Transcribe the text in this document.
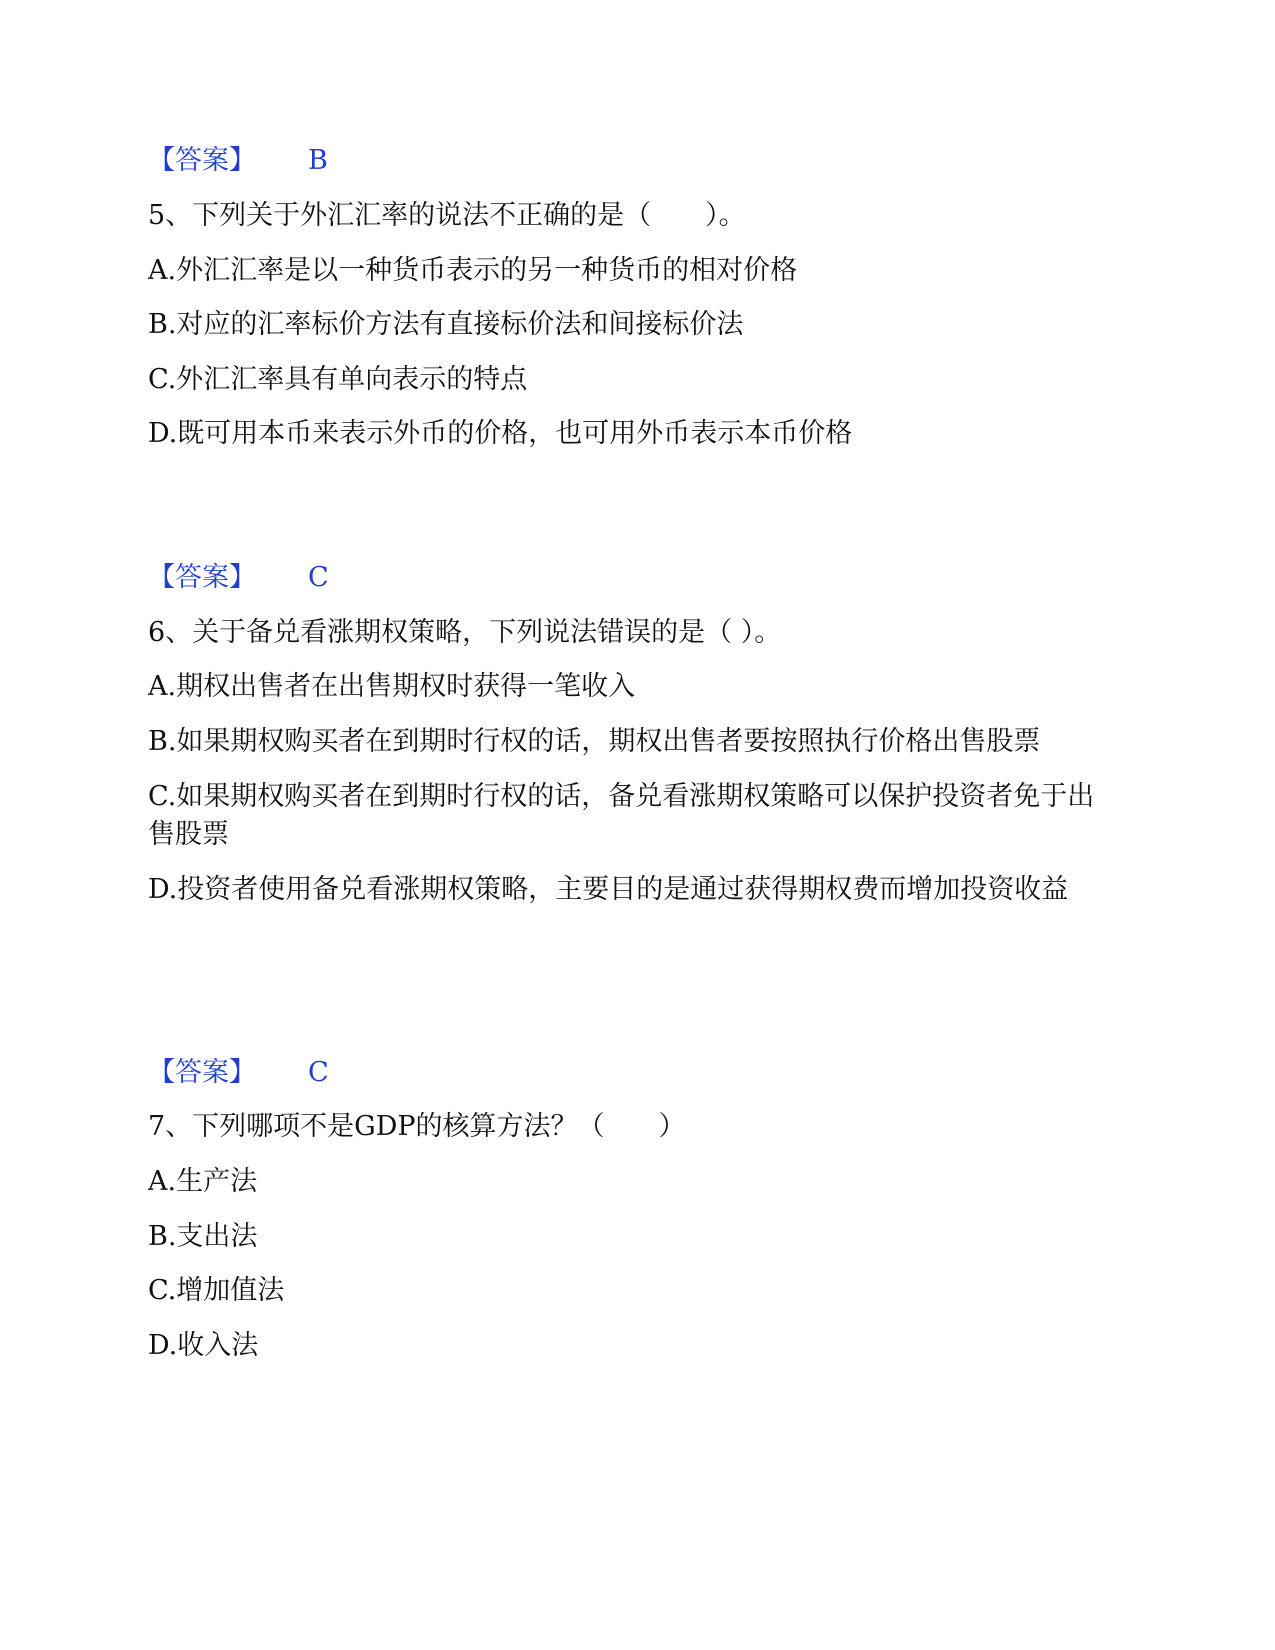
【答案】 B
5、下列关于外汇汇率的说法不正确的是（　　）。
A.外汇汇率是以一种货币表示的另一种货币的相对价格
B.对应的汇率标价方法有直接标价法和间接标价法
C.外汇汇率具有单向表示的特点
D.既可用本币来表示外币的价格，也可用外币表示本币价格
【答案】 C
6、关于备兑看涨期权策略，下列说法错误的是（ ）。
A.期权出售者在出售期权时获得一笔收入
B.如果期权购买者在到期时行权的话，期权出售者要按照执行价格出售股票
C.如果期权购买者在到期时行权的话，备兑看涨期权策略可以保护投资者免于出售股票
D.投资者使用备兑看涨期权策略，主要目的是通过获得期权费而增加投资收益
【答案】 C
7、下列哪项不是GDP的核算方法？（　　）
A.生产法
B.支出法
C.增加值法
D.收入法
